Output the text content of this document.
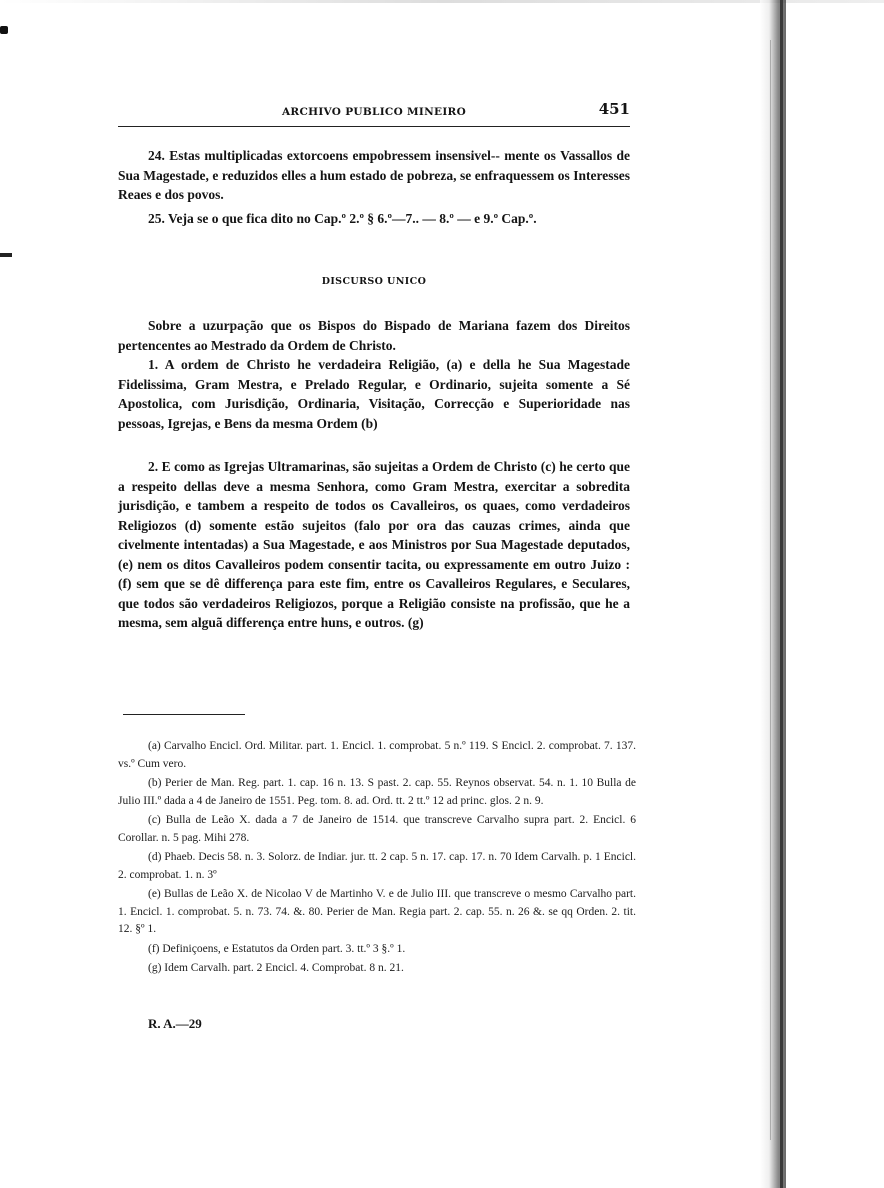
ARCHIVO PUBLICO MINEIRO	451

24. Estas multiplicadas extorcoens empobressem insensivel-- mente os Vassallos de Sua Magestade, e reduzidos elles a hum estado de pobreza, se enfraquessem os Interesses Reaes e dos povos.

25. Veja se o que fica dito no Cap.º 2.º § 6.º—7.. — 8.º — e 9.º Cap.º.

DISCURSO UNICO

Sobre a uzurpação que os Bispos do Bispado de Mariana fazem dos Direitos pertencentes ao Mestrado da Ordem de Christo.

1. A ordem de Christo he verdadeira Religião, (a) e della he Sua Magestade Fidelissima, Gram Mestra, e Prelado Regular, e Ordinario, sujeita somente a Sé Apostolica, com Jurisdição, Ordinaria, Visitação, Correcção e Superioridade nas pessoas, Igrejas, e Bens da mesma Ordem (b)

2. E como as Igrejas Ultramarinas, são sujeitas a Ordem de Christo (c) he certo que a respeito dellas deve a mesma Senhora, como Gram Mestra, exercitar a sobredita jurisdição, e tambem a respeito de todos os Cavalleiros, os quaes, como verdadeiros Religiozos (d) somente estão sujeitos (falo por ora das cauzas crimes, ainda que civelmente intentadas) a Sua Magestade, e aos Ministros por Sua Magestade deputados, (e) nem os ditos Cavalleiros podem consentir tacita, ou expressamente em outro Juizo : (f) sem que se dê differença para este fim, entre os Cavalleiros Regulares, e Seculares, que todos são verdadeiros Religiozos, porque a Religião consiste na profissão, que he a mesma, sem alguã differença entre huns, e outros. (g)

(a) Carvalho Encicl. Ord. Militar. part. 1. Encicl. 1. comprobat. 5 n.º 119. S Encicl. 2. comprobat. 7. 137. vs.º Cum vero.

(b) Perier de Man. Reg. part. 1. cap. 16 n. 13. S past. 2. cap. 55. Reynos observat. 54. n. 1. 10 Bulla de Julio III.º dada a 4 de Janeiro de 1551. Peg. tom. 8. ad. Ord. tt. 2 tt.º 12 ad princ. glos. 2 n. 9.

(c) Bulla de Leão X. dada a 7 de Janeiro de 1514. que transcreve Carvalho supra part. 2. Encicl. 6 Corollar. n. 5 pag. Mihi 278.

(d) Phaeb. Decis 58. n. 3. Solorz. de Indiar. jur. tt. 2 cap. 5 n. 17. cap. 17. n. 70 Idem Carvalh. p. 1 Encicl. 2. comprobat. 1. n. 3º

(e) Bullas de Leão X. de Nicolao V de Martinho V. e de Julio III. que transcreve o mesmo Carvalho part. 1. Encicl. 1. comprobat. 5. n. 73. 74. &. 80. Perier de Man. Regia part. 2. cap. 55. n. 26 &. se qq Orden. 2. tit. 12. §º 1.

(f) Definiçoens, e Estatutos da Orden part. 3. tt.º 3 §.º 1.

(g) Idem Carvalh. part. 2 Encicl. 4. Comprobat. 8 n. 21.

R. A.—29
